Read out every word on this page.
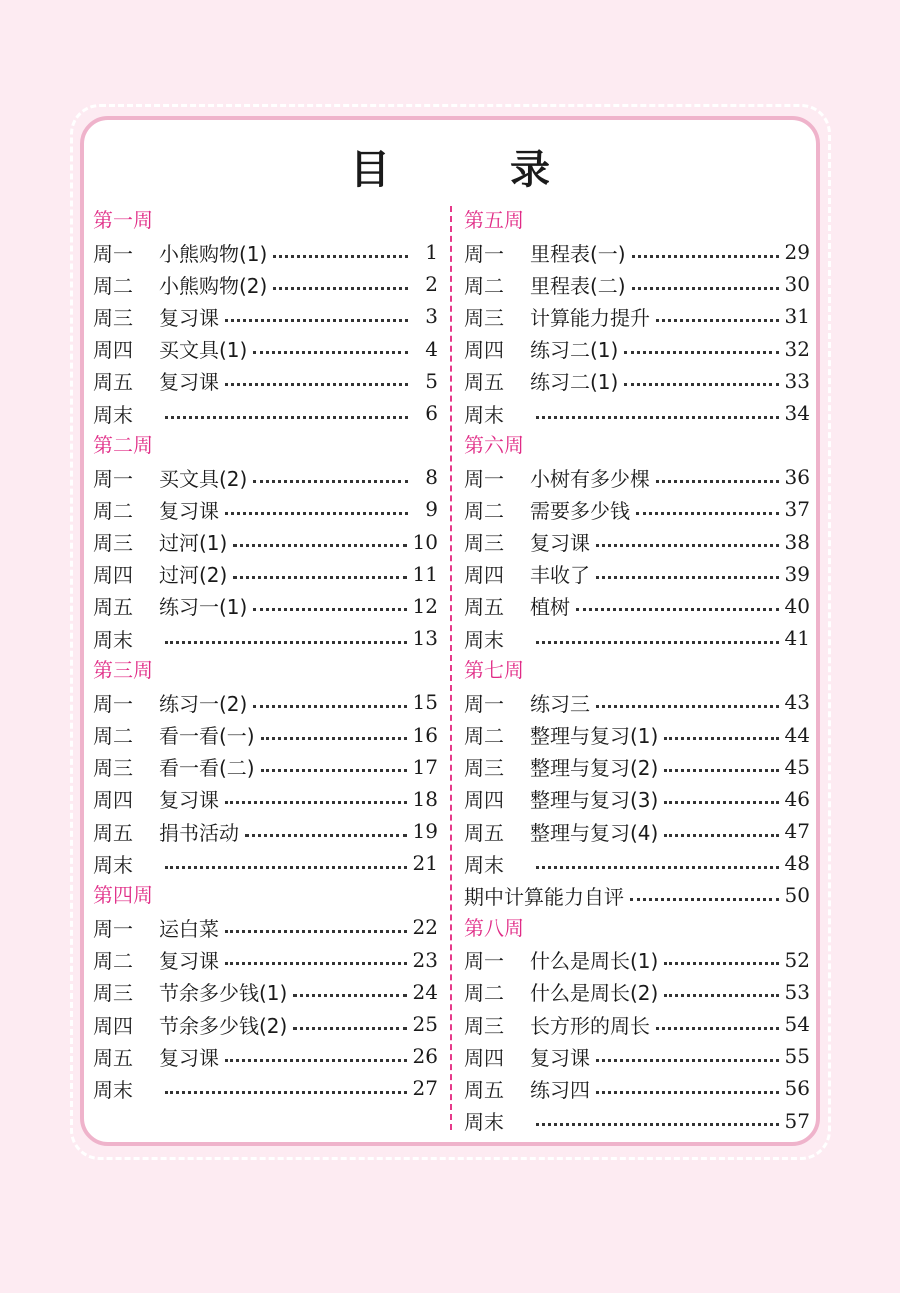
目　录
第一周
周一	小熊购物(1)	1
周二	小熊购物(2)	2
周三	复习课	3
周四	买文具(1)	4
周五	复习课	5
周末	6
第二周
周一	买文具(2)	8
周二	复习课	9
周三	过河(1)	10
周四	过河(2)	11
周五	练习一(1)	12
周末	13
第三周
周一	练习一(2)	15
周二	看一看(一)	16
周三	看一看(二)	17
周四	复习课	18
周五	捐书活动	19
周末	21
第四周
周一	运白菜	22
周二	复习课	23
周三	节余多少钱(1)	24
周四	节余多少钱(2)	25
周五	复习课	26
周末	27
第五周
周一	里程表(一)	29
周二	里程表(二)	30
周三	计算能力提升	31
周四	练习二(1)	32
周五	练习二(1)	33
周末	34
第六周
周一	小树有多少棵	36
周二	需要多少钱	37
周三	复习课	38
周四	丰收了	39
周五	植树	40
周末	41
第七周
周一	练习三	43
周二	整理与复习(1)	44
周三	整理与复习(2)	45
周四	整理与复习(3)	46
周五	整理与复习(4)	47
周末	48
期中计算能力自评	50
第八周
周一	什么是周长(1)	52
周二	什么是周长(2)	53
周三	长方形的周长	54
周四	复习课	55
周五	练习四	56
周末	57
